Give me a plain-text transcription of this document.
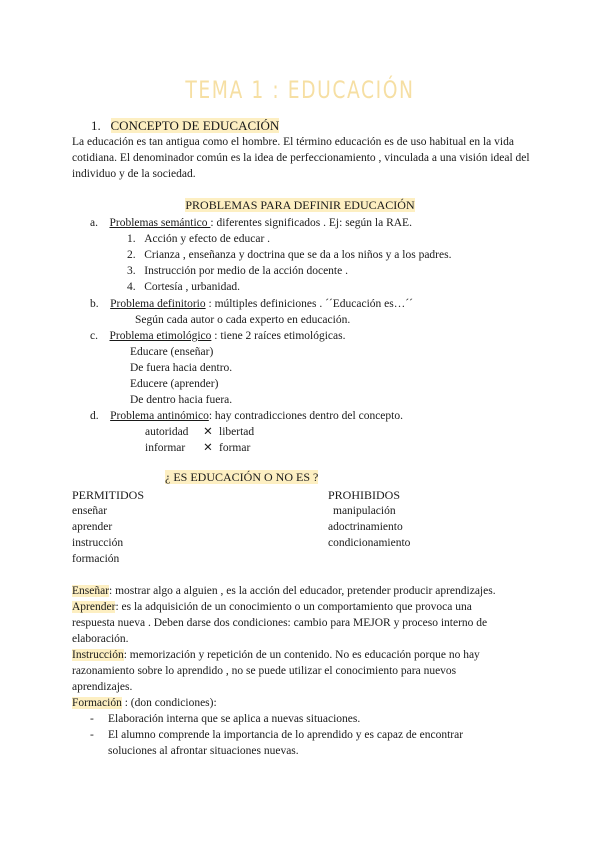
TEMA 1 : EDUCACIÓN
1. CONCEPTO DE EDUCACIÓN
La educación es tan antigua como el hombre. El término educación es de uso habitual en la vida cotidiana. El denominador común es la idea de perfeccionamiento , vinculada a una visión ideal del individuo y de la sociedad.
PROBLEMAS PARA DEFINIR EDUCACIÓN
a. Problemas semántico : diferentes significados . Ej: según la RAE.
1. Acción y efecto de educar .
2. Crianza , enseñanza y doctrina que se da a los niños y a los padres.
3. Instrucción por medio de la acción docente .
4. Cortesía , urbanidad.
b. Problema definitorio : múltiples definiciones . ´´Educación es…´´
Según cada autor o cada experto en educación.
c. Problema etimológico : tiene 2 raíces etimológicas.
Educare (enseñar)
De fuera hacia dentro.
Educere (aprender)
De dentro hacia fuera.
d. Problema antinómico: hay contradicciones dentro del concepto.
autoridad ✕ libertad
informar ✕ formar
¿ ES EDUCACIÓN O NO ES ?
PERMITIDOS
enseñar
aprender
instrucción
formación
PROHIBIDOS
manipulación
adoctrinamiento
condicionamiento
Enseñar: mostrar algo a alguien , es la acción del educador, pretender producir aprendizajes.
Aprender: es la adquisición de un conocimiento o un comportamiento que provoca una
respuesta nueva . Deben darse dos condiciones: cambio para MEJOR y proceso interno de
elaboración.
Instrucción: memorización y repetición de un contenido. No es educación porque no hay
razonamiento sobre lo aprendido , no se puede utilizar el conocimiento para nuevos
aprendizajes.
Formación : (don condiciones):
- Elaboración interna que se aplica a nuevas situaciones.
- El alumno comprende la importancia de lo aprendido y es capaz de encontrar
soluciones al afrontar situaciones nuevas.
